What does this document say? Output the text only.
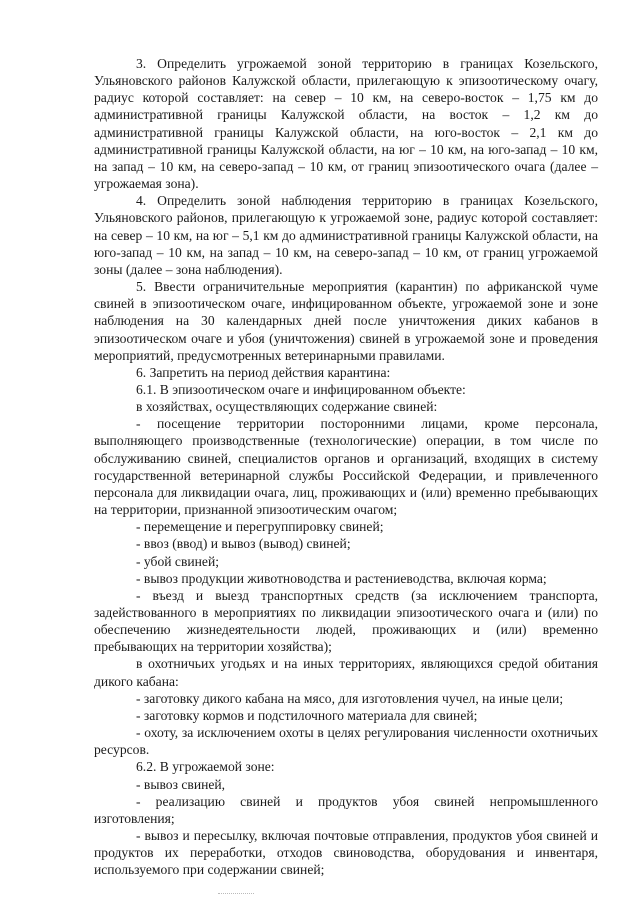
3. Определить угрожаемой зоной территорию в границах Козельского, Ульяновского районов Калужской области, прилегающую к эпизоотическому очагу, радиус которой составляет: на север – 10 км, на северо-восток – 1,75 км до административной границы Калужской области, на восток – 1,2 км до административной границы Калужской области, на юго-восток – 2,1 км до административной границы Калужской области, на юг – 10 км, на юго-запад – 10 км, на запад – 10 км, на северо-запад – 10 км, от границ эпизоотического очага (далее – угрожаемая зона).

4. Определить зоной наблюдения территорию в границах Козельского, Ульяновского районов, прилегающую к угрожаемой зоне, радиус которой составляет: на север – 10 км, на юг – 5,1 км до административной границы Калужской области, на юго-запад – 10 км, на запад – 10 км, на северо-запад – 10 км, от границ угрожаемой зоны (далее – зона наблюдения).

5. Ввести ограничительные мероприятия (карантин) по африканской чуме свиней в эпизоотическом очаге, инфицированном объекте, угрожаемой зоне и зоне наблюдения на 30 календарных дней после уничтожения диких кабанов в эпизоотическом очаге и убоя (уничтожения) свиней в угрожаемой зоне и проведения мероприятий, предусмотренных ветеринарными правилами.

6. Запретить на период действия карантина:

6.1. В эпизоотическом очаге и инфицированном объекте:

в хозяйствах, осуществляющих содержание свиней:

- посещение территории посторонними лицами, кроме персонала, выполняющего производственные (технологические) операции, в том числе по обслуживанию свиней, специалистов органов и организаций, входящих в систему государственной ветеринарной службы Российской Федерации, и привлеченного персонала для ликвидации очага, лиц, проживающих и (или) временно пребывающих на территории, признанной эпизоотическим очагом;

- перемещение и перегруппировку свиней;

- ввоз (ввод) и вывоз (вывод) свиней;

- убой свиней;

- вывоз продукции животноводства и растениеводства, включая корма;

- въезд и выезд транспортных средств (за исключением транспорта, задействованного в мероприятиях по ликвидации эпизоотического очага и (или) по обеспечению жизнедеятельности людей, проживающих и (или) временно пребывающих на территории хозяйства);

в охотничьих угодьях и на иных территориях, являющихся средой обитания дикого кабана:

- заготовку дикого кабана на мясо, для изготовления чучел, на иные цели;

- заготовку кормов и подстилочного материала для свиней;

- охоту, за исключением охоты в целях регулирования численности охотничьих ресурсов.

6.2. В угрожаемой зоне:

- вывоз свиней,

- реализацию свиней и продуктов убоя свиней непромышленного изготовления;

- вывоз и пересылку, включая почтовые отправления, продуктов убоя свиней и продуктов их переработки, отходов свиноводства, оборудования и инвентаря, используемого при содержании свиней;
